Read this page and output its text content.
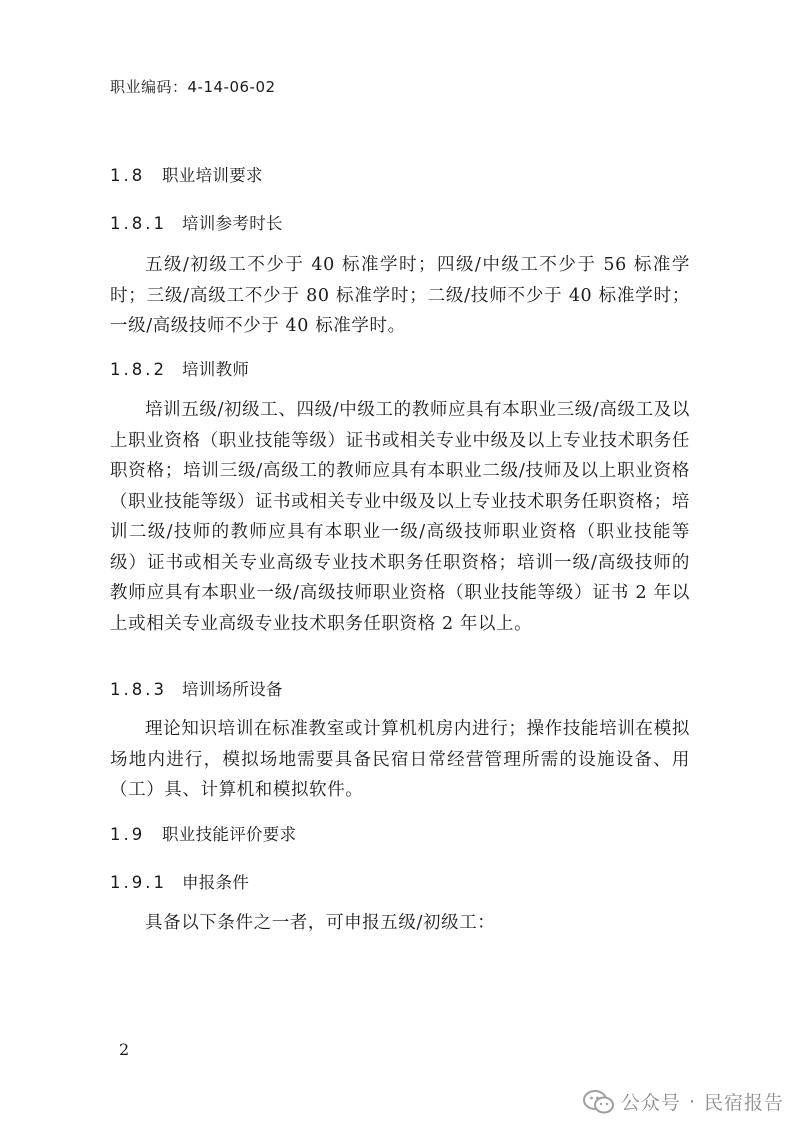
职业编码：4-14-06-02
1.8 职业培训要求
1.8.1 培训参考时长

五级/初级工不少于 40 标准学时；四级/中级工不少于 56 标准学时；三级/高级工不少于 80 标准学时；二级/技师不少于 40 标准学时；一级/高级技师不少于 40 标准学时。

1.8.2 培训教师

培训五级/初级工、四级/中级工的教师应具有本职业三级/高级工及以上职业资格（职业技能等级）证书或相关专业中级及以上专业技术职务任职资格；培训三级/高级工的教师应具有本职业二级/技师及以上职业资格（职业技能等级）证书或相关专业中级及以上专业技术职务任职资格；培训二级/技师的教师应具有本职业一级/高级技师职业资格（职业技能等级）证书或相关专业高级专业技术职务任职资格；培训一级/高级技师的教师应具有本职业一级/高级技师职业资格（职业技能等级）证书 2 年以上或相关专业高级专业技术职务任职资格 2 年以上。

1.8.3 培训场所设备

理论知识培训在标准教室或计算机机房内进行；操作技能培训在模拟场地内进行，模拟场地需要具备民宿日常经营管理所需的设施设备、用（工）具、计算机和模拟软件。

1.9 职业技能评价要求
1.9.1 申报条件

具备以下条件之一者，可申报五级/初级工：

2
公众号 · 民宿报告
